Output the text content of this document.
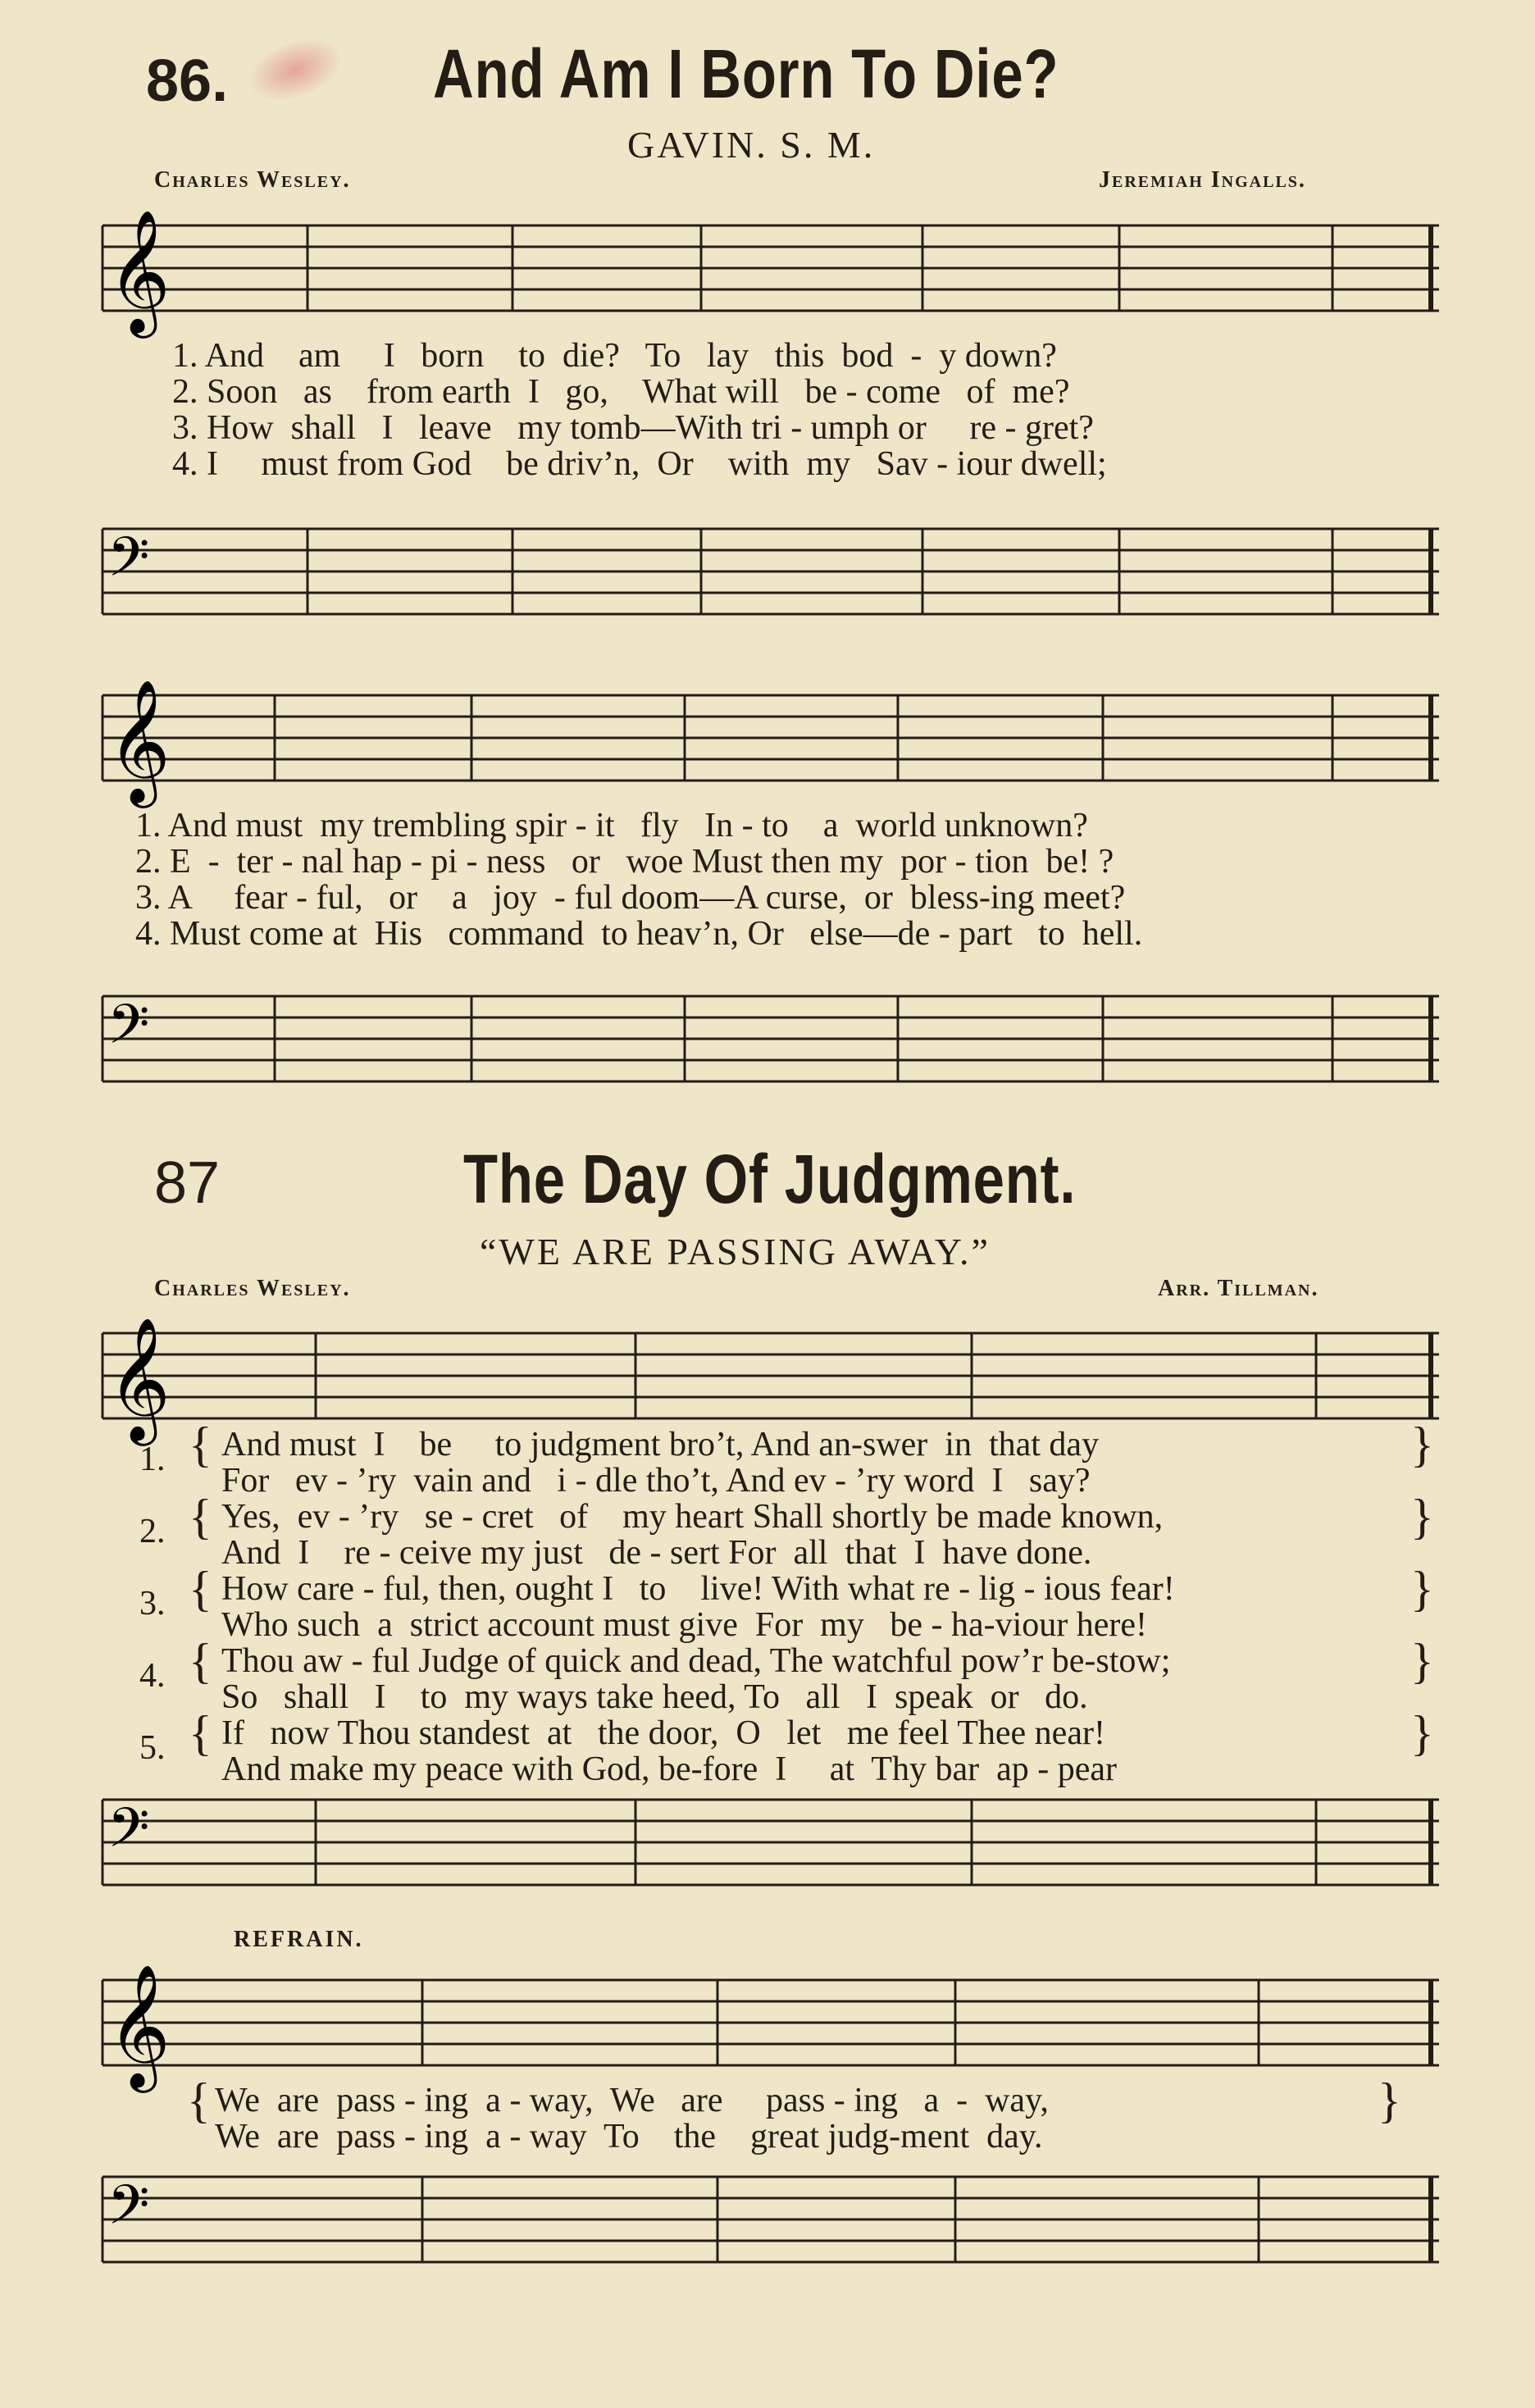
86.	And Am I Born To Die?
GAVIN. S. M.
Charles Wesley.	Jeremiah Ingalls.
𝄞
1. And    am     I   born    to  die?   To   lay   this  bod  -  y down?
2. Soon   as    from earth  I   go,    What will   be - come   of  me?
3. How  shall   I   leave   my tomb—With tri - umph or     re - gret?
4. I     must from God    be driv’n,  Or    with  my   Sav - iour dwell;
𝄢
𝄞
1. And must  my trembling spir - it   fly   In - to    a  world unknown?
2. E  -  ter - nal hap - pi - ness   or   woe Must then my  por - tion  be! ?
3. A     fear - ful,   or    a   joy  - ful doom—A curse,  or  bless-ing meet?
4. Must come at  His   command  to heav’n, Or   else—de - part   to  hell.
𝄢
87	The Day Of Judgment.
“WE ARE PASSING AWAY.”
Charles Wesley.	Arr. Tillman.
𝄞
1. { And must  I    be     to judgment bro’t, And an-swer  in  that day
For   ev - ’ry  vain and   i - dle tho’t, And ev - ’ry word  I   say?
}
2. { Yes,  ev - ’ry   se - cret   of    my heart Shall shortly be made known,
And  I    re - ceive my just   de - sert For  all  that  I  have done.
}
3. { How care - ful, then, ought I   to    live! With what re - lig - ious fear!
Who such  a  strict account must give  For  my   be - ha-viour here!
}
4. { Thou aw - ful Judge of quick and dead, The watchful pow’r be-stow;
So   shall   I    to  my ways take heed, To   all   I  speak  or   do.
}
5. { If   now Thou standest  at   the door,  O   let   me feel Thee near!
And make my peace with God, be-fore  I     at  Thy bar  ap - pear
}
𝄢
REFRAIN.
𝄞
{ We  are  pass - ing  a - way,  We   are     pass - ing   a  -  way,
We  are  pass - ing  a - way  To    the    great judg-ment  day.
}
𝄢
